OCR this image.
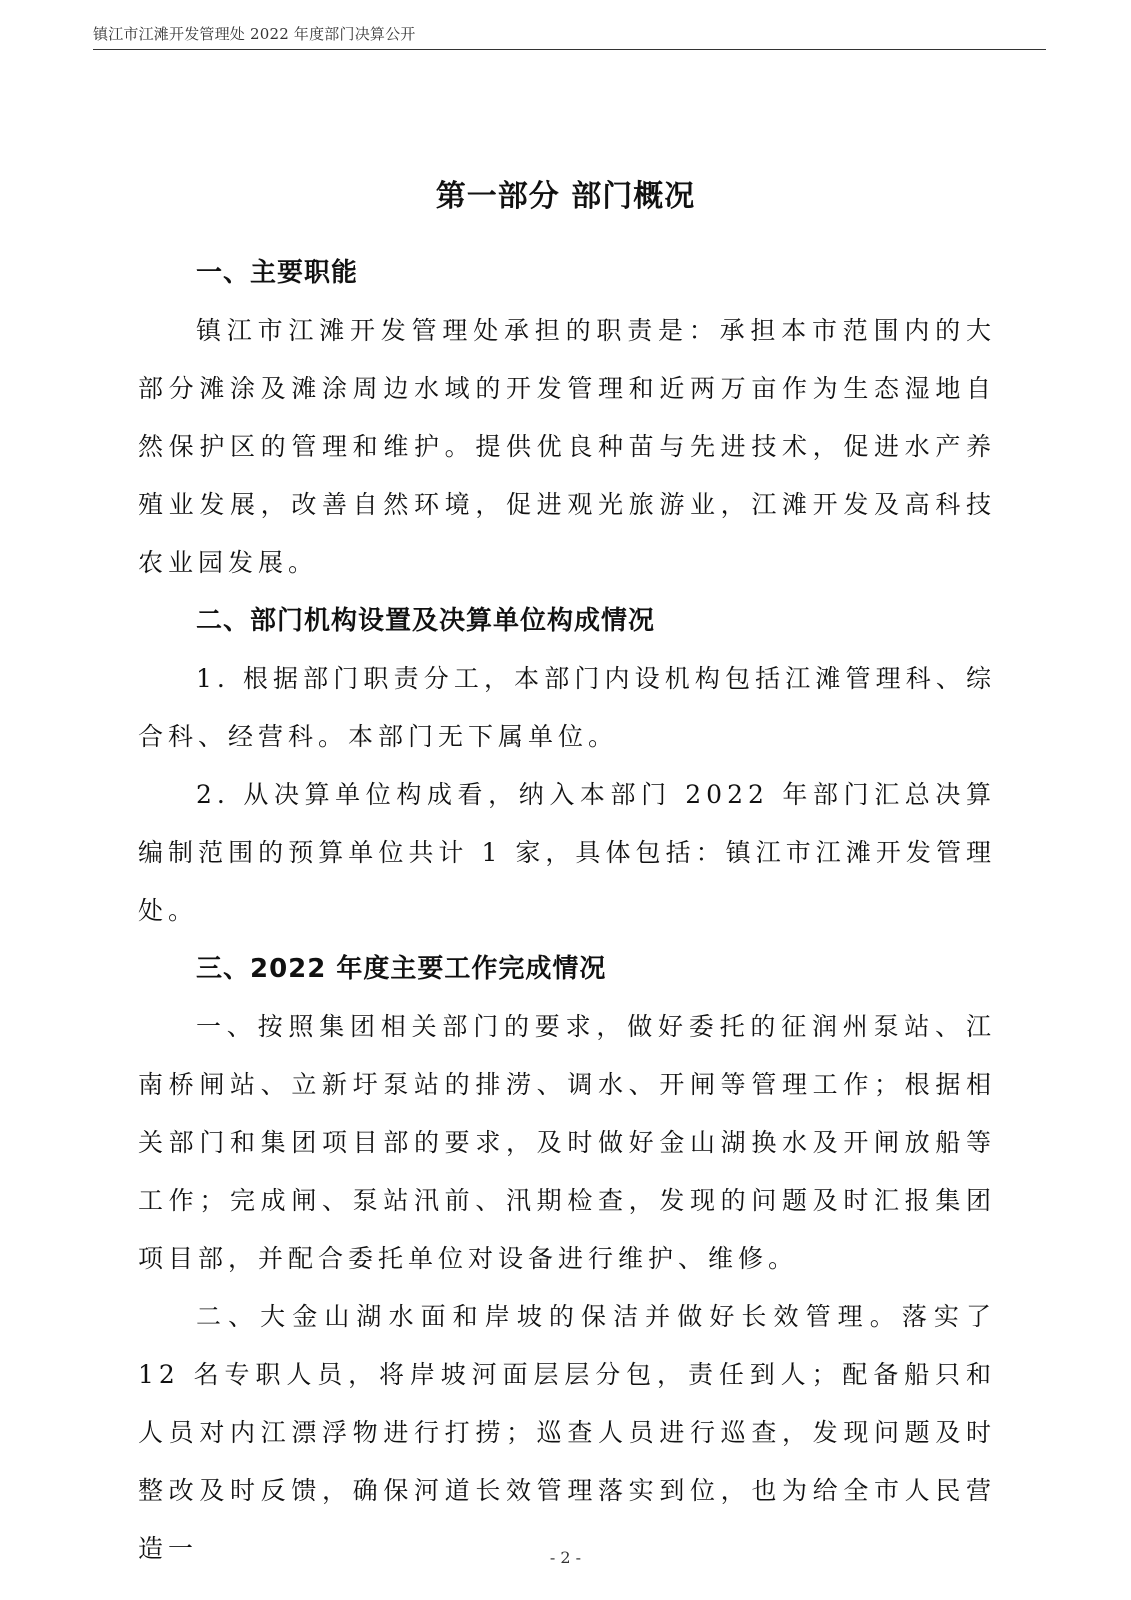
镇江市江滩开发管理处 2022 年度部门决算公开
第一部分 部门概况

一、主要职能

镇江市江滩开发管理处承担的职责是：承担本市范围内的大部分滩涂及滩涂周边水域的开发管理和近两万亩作为生态湿地自然保护区的管理和维护。提供优良种苗与先进技术，促进水产养殖业发展，改善自然环境，促进观光旅游业，江滩开发及高科技农业园发展。

二、部门机构设置及决算单位构成情况

1. 根据部门职责分工，本部门内设机构包括江滩管理科、综合科、经营科。本部门无下属单位。

2. 从决算单位构成看，纳入本部门 2022 年部门汇总决算编制范围的预算单位共计 1 家，具体包括：镇江市江滩开发管理处。

三、2022 年度主要工作完成情况

一、按照集团相关部门的要求，做好委托的征润州泵站、江南桥闸站、立新圩泵站的排涝、调水、开闸等管理工作；根据相关部门和集团项目部的要求，及时做好金山湖换水及开闸放船等工作；完成闸、泵站汛前、汛期检查，发现的问题及时汇报集团项目部，并配合委托单位对设备进行维护、维修。

二、大金山湖水面和岸坡的保洁并做好长效管理。落实了 12 名专职人员，将岸坡河面层层分包，责任到人；配备船只和人员对内江漂浮物进行打捞；巡查人员进行巡查，发现问题及时整改及时反馈，确保河道长效管理落实到位，也为给全市人民营造一	- 2 -
